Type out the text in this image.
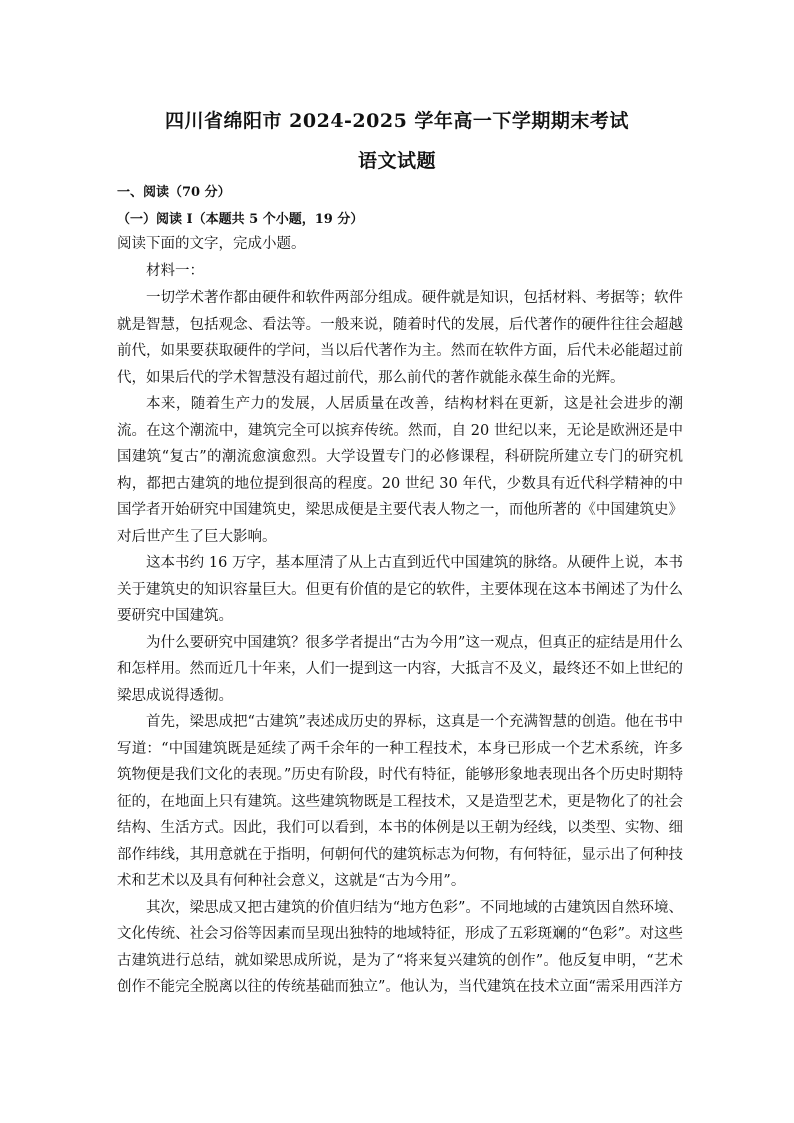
四川省绵阳市 2024-2025 学年高一下学期期末考试
语文试题
一、阅读（70 分）
（一）阅读 I（本题共 5 个小题，19 分）
阅读下面的文字，完成小题。
材料一：

一切学术著作都由硬件和软件两部分组成。硬件就是知识，包括材料、考据等；软件就是智慧，包括观念、看法等。一般来说，随着时代的发展，后代著作的硬件往往会超越前代，如果要获取硬件的学问，当以后代著作为主。然而在软件方面，后代未必能超过前代，如果后代的学术智慧没有超过前代，那么前代的著作就能永葆生命的光辉。

本来，随着生产力的发展，人居质量在改善，结构材料在更新，这是社会进步的潮流。在这个潮流中，建筑完全可以摈弃传统。然而，自 20 世纪以来，无论是欧洲还是中国建筑“复古”的潮流愈演愈烈。大学设置专门的必修课程，科研院所建立专门的研究机构，都把古建筑的地位提到很高的程度。20 世纪 30 年代，少数具有近代科学精神的中国学者开始研究中国建筑史，梁思成便是主要代表人物之一，而他所著的《中国建筑史》对后世产生了巨大影响。

这本书约 16 万字，基本厘清了从上古直到近代中国建筑的脉络。从硬件上说，本书关于建筑史的知识容量巨大。但更有价值的是它的软件，主要体现在这本书阐述了为什么要研究中国建筑。

为什么要研究中国建筑？很多学者提出“古为今用”这一观点，但真正的症结是用什么和怎样用。然而近几十年来，人们一提到这一内容，大抵言不及义，最终还不如上世纪的梁思成说得透彻。

首先，梁思成把“古建筑”表述成历史的界标，这真是一个充满智慧的创造。他在书中写道：“中国建筑既是延续了两千余年的一种工程技术，本身已形成一个艺术系统，许多筑物便是我们文化的表现。”历史有阶段，时代有特征，能够形象地表现出各个历史时期特征的，在地面上只有建筑。这些建筑物既是工程技术，又是造型艺术，更是物化了的社会结构、生活方式。因此，我们可以看到，本书的体例是以王朝为经线，以类型、实物、细部作纬线，其用意就在于指明，何朝何代的建筑标志为何物，有何特征，显示出了何种技术和艺术以及具有何种社会意义，这就是“古为今用”。

其次，梁思成又把古建筑的价值归结为“地方色彩”。不同地域的古建筑因自然环境、文化传统、社会习俗等因素而呈现出独特的地域特征，形成了五彩斑斓的“色彩”。对这些古建筑进行总结，就如梁思成所说，是为了“将来复兴建筑的创作”。他反复申明，“艺术创作不能完全脱离以往的传统基础而独立”。他认为，当代建筑在技术立面“需采用西洋方
